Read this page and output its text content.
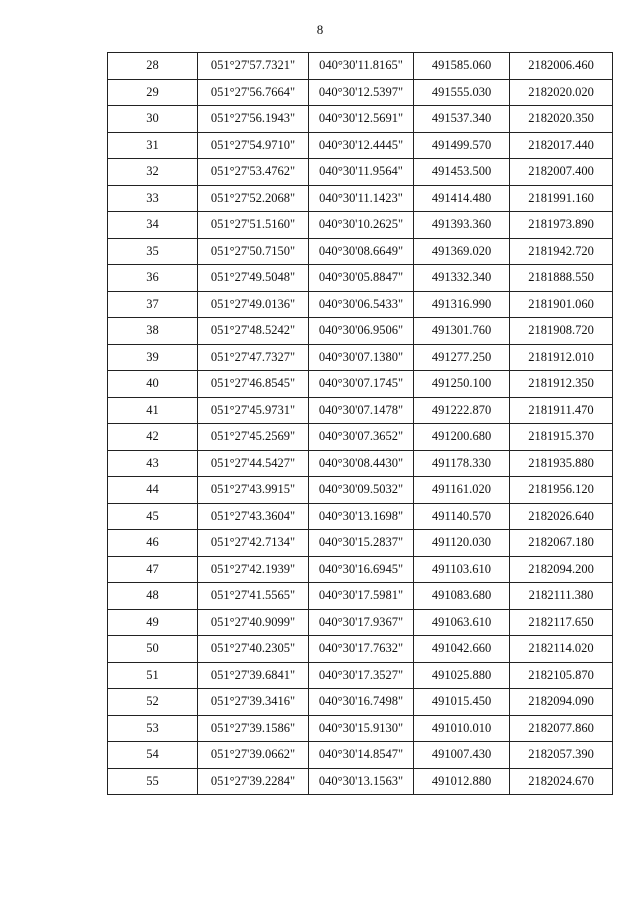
8
28	051°27'57.7321"	040°30'11.8165"	491585.060	2182006.460
29	051°27'56.7664"	040°30'12.5397"	491555.030	2182020.020
30	051°27'56.1943"	040°30'12.5691"	491537.340	2182020.350
31	051°27'54.9710"	040°30'12.4445"	491499.570	2182017.440
32	051°27'53.4762"	040°30'11.9564"	491453.500	2182007.400
33	051°27'52.2068"	040°30'11.1423"	491414.480	2181991.160
34	051°27'51.5160"	040°30'10.2625"	491393.360	2181973.890
35	051°27'50.7150"	040°30'08.6649"	491369.020	2181942.720
36	051°27'49.5048"	040°30'05.8847"	491332.340	2181888.550
37	051°27'49.0136"	040°30'06.5433"	491316.990	2181901.060
38	051°27'48.5242"	040°30'06.9506"	491301.760	2181908.720
39	051°27'47.7327"	040°30'07.1380"	491277.250	2181912.010
40	051°27'46.8545"	040°30'07.1745"	491250.100	2181912.350
41	051°27'45.9731"	040°30'07.1478"	491222.870	2181911.470
42	051°27'45.2569"	040°30'07.3652"	491200.680	2181915.370
43	051°27'44.5427"	040°30'08.4430"	491178.330	2181935.880
44	051°27'43.9915"	040°30'09.5032"	491161.020	2181956.120
45	051°27'43.3604"	040°30'13.1698"	491140.570	2182026.640
46	051°27'42.7134"	040°30'15.2837"	491120.030	2182067.180
47	051°27'42.1939"	040°30'16.6945"	491103.610	2182094.200
48	051°27'41.5565"	040°30'17.5981"	491083.680	2182111.380
49	051°27'40.9099"	040°30'17.9367"	491063.610	2182117.650
50	051°27'40.2305"	040°30'17.7632"	491042.660	2182114.020
51	051°27'39.6841"	040°30'17.3527"	491025.880	2182105.870
52	051°27'39.3416"	040°30'16.7498"	491015.450	2182094.090
53	051°27'39.1586"	040°30'15.9130"	491010.010	2182077.860
54	051°27'39.0662"	040°30'14.8547"	491007.430	2182057.390
55	051°27'39.2284"	040°30'13.1563"	491012.880	2182024.670
